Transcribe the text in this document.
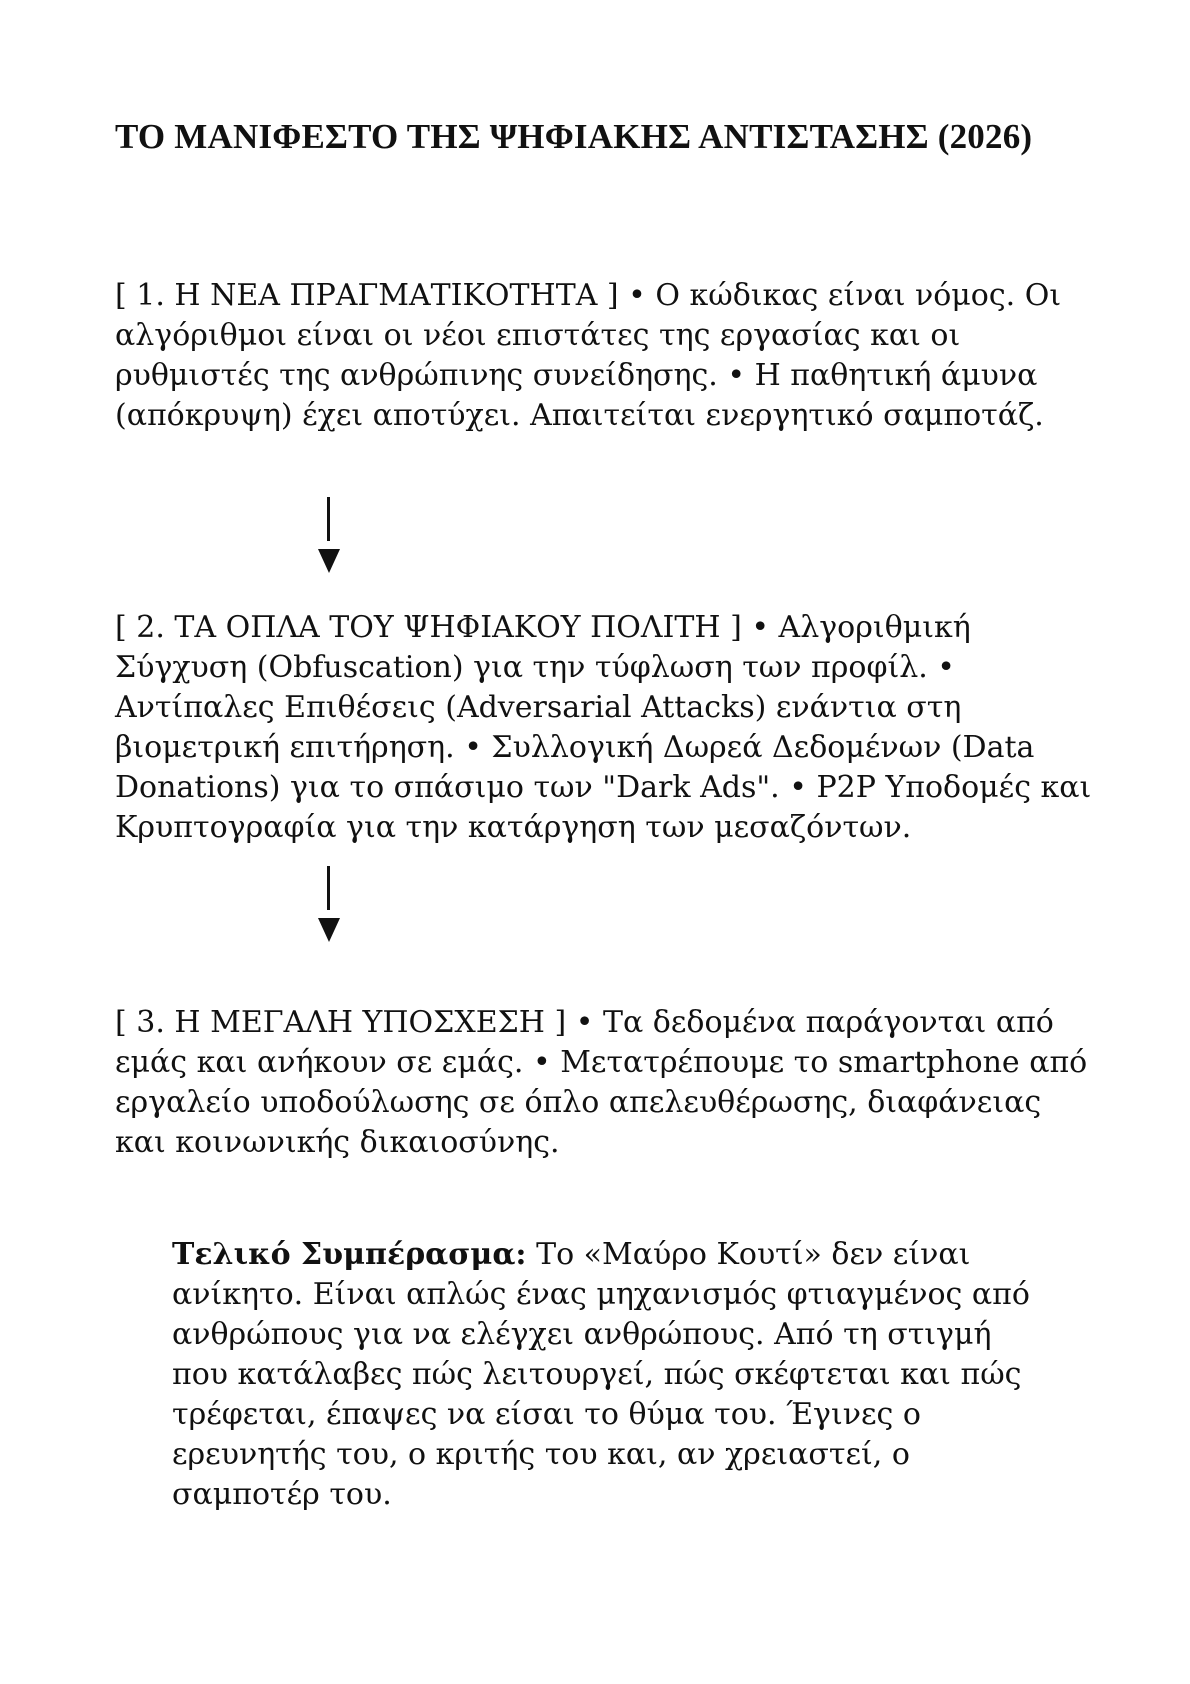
ΤΟ ΜΑΝΙΦΕΣΤΟ ΤΗΣ ΨΗΦΙΑΚΗΣ ΑΝΤΙΣΤΑΣΗΣ (2026)

[ 1. Η ΝΕΑ ΠΡΑΓΜΑΤΙΚΟΤΗΤΑ ] • Ο κώδικας είναι νόμος. Οι αλγόριθμοι είναι οι νέοι επιστάτες της εργασίας και οι ρυθμιστές της ανθρώπινης συνείδησης. • Η παθητική άμυνα (απόκρυψη) έχει αποτύχει. Απαιτείται ενεργητικό σαμποτάζ.

[ 2. ΤΑ ΟΠΛΑ ΤΟΥ ΨΗΦΙΑΚΟΥ ΠΟΛΙΤΗ ] • Αλγοριθμική Σύγχυση (Obfuscation) για την τύφλωση των προφίλ. • Αντίπαλες Επιθέσεις (Adversarial Attacks) ενάντια στη βιομετρική επιτήρηση. • Συλλογική Δωρεά Δεδομένων (Data Donations) για το σπάσιμο των "Dark Ads". • P2P Υποδομές και Κρυπτογραφία για την κατάργηση των μεσαζόντων.

[ 3. Η ΜΕΓΑΛΗ ΥΠΟΣΧΕΣΗ ] • Τα δεδομένα παράγονται από εμάς και ανήκουν σε εμάς. • Μετατρέπουμε το smartphone από εργαλείο υποδούλωσης σε όπλο απελευθέρωσης, διαφάνειας και κοινωνικής δικαιοσύνης.

Τελικό Συμπέρασμα: Το «Μαύρο Κουτί» δεν είναι ανίκητο. Είναι απλώς ένας μηχανισμός φτιαγμένος από ανθρώπους για να ελέγχει ανθρώπους. Από τη στιγμή που κατάλαβες πώς λειτουργεί, πώς σκέφτεται και πώς τρέφεται, έπαψες να είσαι το θύμα του. Έγινες ο ερευνητής του, ο κριτής του και, αν χρειαστεί, ο σαμποτέρ του.
